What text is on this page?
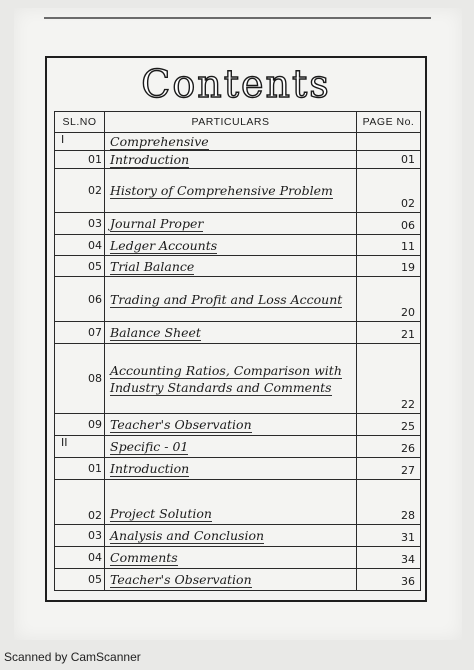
Contents
SL.NO	PARTICULARS	PAGE No.
I	Comprehensive	
01	Introduction	01
02	History of Comprehensive Problem	02
03	Journal Proper	06
04	Ledger Accounts	11
05	Trial Balance	19
06	Trading and Profit and Loss Account	20
07	Balance Sheet	21
08	Accounting Ratios, Comparison with Industry Standards and Comments	22
09	Teacher's Observation	25
II	Specific - 01	26
01	Introduction	27
02	Project Solution	28
03	Analysis and Conclusion	31
04	Comments	34
05	Teacher's Observation	36
Scanned by CamScanner
